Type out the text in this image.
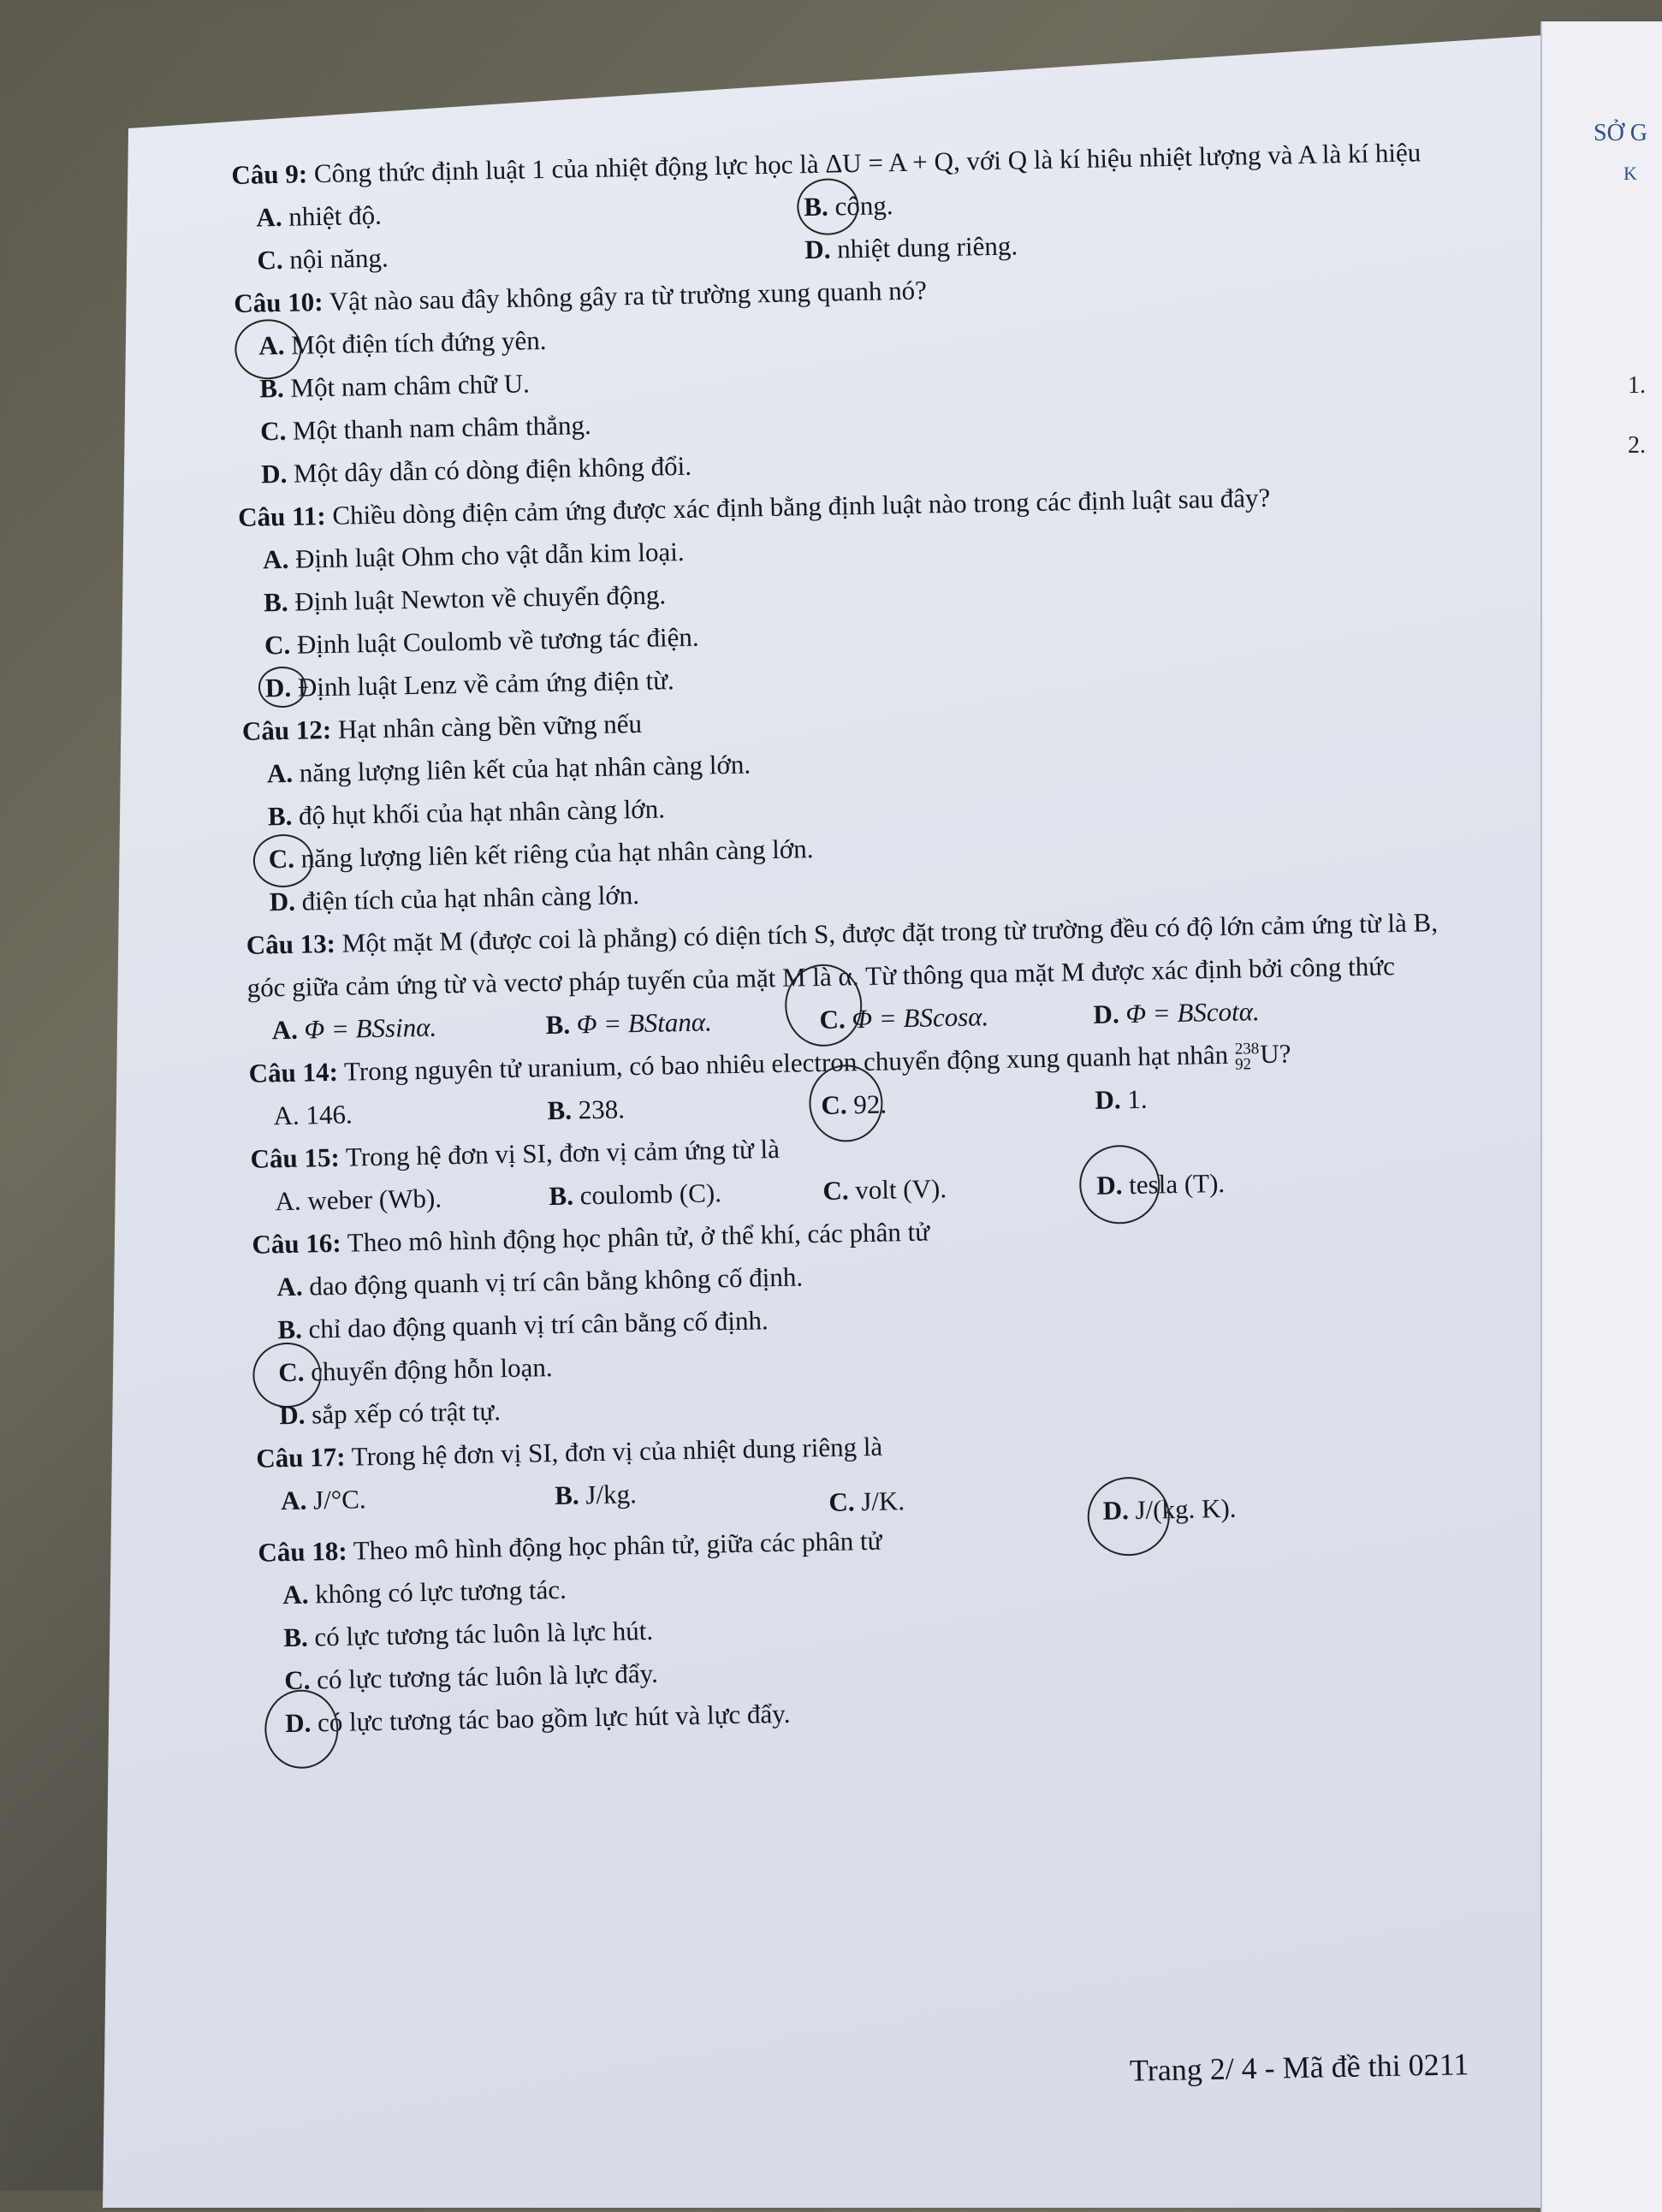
SỞ G
K
1.
2.

Câu 9: Công thức định luật 1 của nhiệt động lực học là ΔU = A + Q, với Q là kí hiệu nhiệt lượng và A là kí hiệu

A. nhiệt độ.	B. công.
C. nội năng.	D. nhiệt dung riêng.

Câu 10: Vật nào sau đây không gây ra từ trường xung quanh nó?

A. Một điện tích đứng yên.
B. Một nam châm chữ U.
C. Một thanh nam châm thẳng.
D. Một dây dẫn có dòng điện không đổi.

Câu 11: Chiều dòng điện cảm ứng được xác định bằng định luật nào trong các định luật sau đây?

A. Định luật Ohm cho vật dẫn kim loại.
B. Định luật Newton về chuyển động.
C. Định luật Coulomb về tương tác điện.
D. Định luật Lenz về cảm ứng điện từ.

Câu 12: Hạt nhân càng bền vững nếu

A. năng lượng liên kết của hạt nhân càng lớn.
B. độ hụt khối của hạt nhân càng lớn.
C. năng lượng liên kết riêng của hạt nhân càng lớn.
D. điện tích của hạt nhân càng lớn.

Câu 13: Một mặt M (được coi là phẳng) có diện tích S, được đặt trong từ trường đều có độ lớn cảm ứng từ là B, góc giữa cảm ứng từ và vectơ pháp tuyến của mặt M là α. Từ thông qua mặt M được xác định bởi công thức

A. Φ = BSsinα.	B. Φ = BStanα.	C. Φ = BScosα.	D. Φ = BScotα.

Câu 14: Trong nguyên tử uranium, có bao nhiêu electron chuyển động xung quanh hạt nhân 238
92 U?

A. 146.	B. 238.	C. 92.	D. 1.

Câu 15: Trong hệ đơn vị SI, đơn vị cảm ứng từ là

A. weber (Wb).	B. coulomb (C).	C. volt (V).	D. tesla (T).

Câu 16: Theo mô hình động học phân tử, ở thể khí, các phân tử

A. dao động quanh vị trí cân bằng không cố định.
B. chỉ dao động quanh vị trí cân bằng cố định.
C. chuyển động hỗn loạn.
D. sắp xếp có trật tự.

Câu 17: Trong hệ đơn vị SI, đơn vị của nhiệt dung riêng là

A. J/°C.	B. J/kg.	C. J/K.	D. J/(kg. K).

Câu 18: Theo mô hình động học phân tử, giữa các phân tử

A. không có lực tương tác.
B. có lực tương tác luôn là lực hút.
C. có lực tương tác luôn là lực đẩy.
D. có lực tương tác bao gồm lực hút và lực đẩy.
Trang 2/ 4 - Mã đề thi 0211
